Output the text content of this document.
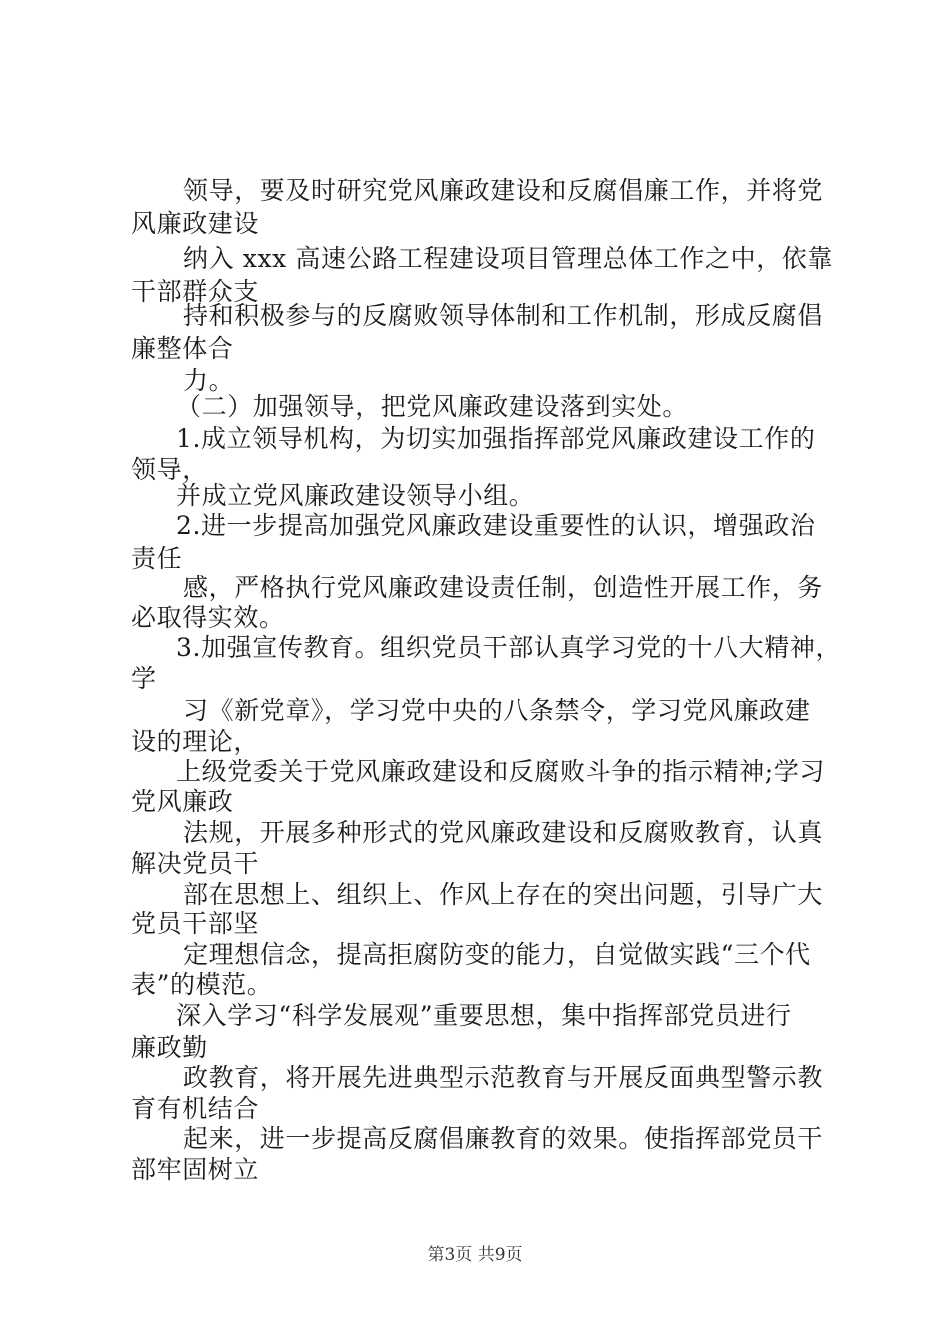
领导，要及时研究党风廉政建设和反腐倡廉工作，并将党
风廉政建设
纳入 xxx 高速公路工程建设项目管理总体工作之中，依靠
干部群众支
持和积极参与的反腐败领导体制和工作机制，形成反腐倡
廉整体合
力。
（二）加强领导，把党风廉政建设落到实处。
1.成立领导机构，为切实加强指挥部党风廉政建设工作的
领导，
并成立党风廉政建设领导小组。
2.进一步提高加强党风廉政建设重要性的认识，增强政治
责任
感，严格执行党风廉政建设责任制，创造性开展工作，务
必取得实效。
3.加强宣传教育。组织党员干部认真学习党的十八大精神，
学
习《新党章》，学习党中央的八条禁令，学习党风廉政建
设的理论，
上级党委关于党风廉政建设和反腐败斗争的指示精神;学习
党风廉政
法规，开展多种形式的党风廉政建设和反腐败教育，认真
解决党员干
部在思想上、组织上、作风上存在的突出问题，引导广大
党员干部坚
定理想信念，提高拒腐防变的能力，自觉做实践“三个代
表”的模范。
深入学习“科学发展观”重要思想，集中指挥部党员进行
廉政勤
政教育，将开展先进典型示范教育与开展反面典型警示教
育有机结合
起来，进一步提高反腐倡廉教育的效果。使指挥部党员干
部牢固树立
第3页 共9页
